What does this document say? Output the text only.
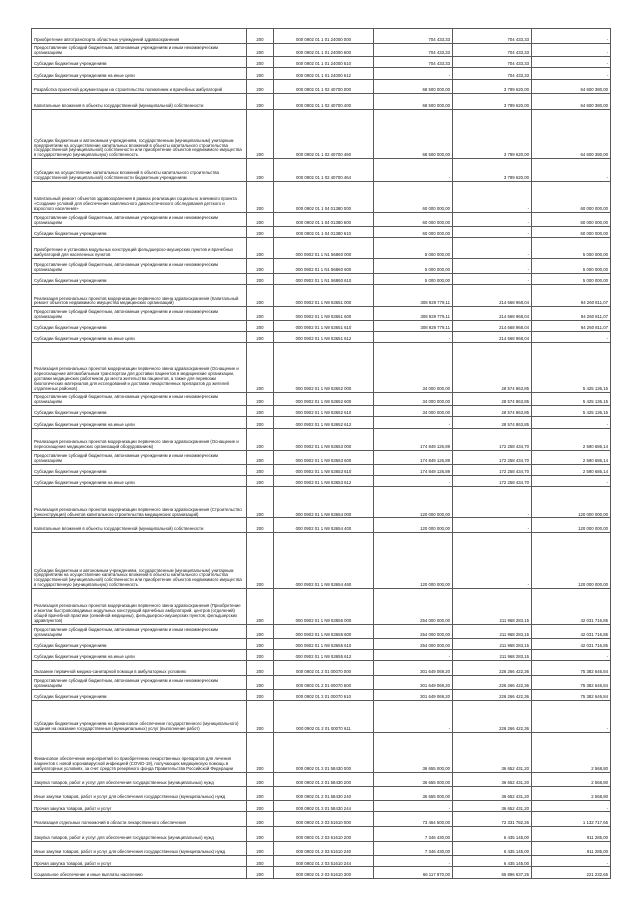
Приобретение автотранспорта областных учреждений здравоохранения	200	000 0902 01 1 01 24000 000	704 433,33	704 433,33	-
Предоставление субсидий бюджетным, автономным учреждениям и иным некоммерческим организациям	200	000 0902 01 1 01 24000 600	704 433,33	704 433,33	-
Субсидии бюджетным учреждениям	200	000 0902 01 1 01 24000 610	704 433,33	704 433,33	-
Субсидии бюджетным учреждениям на иные цели	200	000 0902 01 1 01 24000 612	-	704 433,33	-
Разработка проектной документации на строительство поликлиник и врачебных амбулаторий	200	000 0902 01 1 02 40700 000	68 500 000,00	3 799 620,00	64 600 380,00
Капитальные вложения в объекты государственной (муниципальной) собственности	200	000 0902 01 1 02 40700 400	68 500 000,00	3 799 620,00	64 600 380,00
Субсидии бюджетным и автономным учреждениям, государственным (муниципальным) унитарным предприятиям на осуществление капитальных вложений в объекты капитального строительства государственной (муниципальной) собственности или приобретение объектов недвижимого имущества в государственную (муниципальную) собственность	200	000 0902 01 1 02 40700 460	68 500 000,00	3 799 620,00	64 600 380,00
Субсидии на осуществление капитальных вложений в объекты капитального строительства государственной (муниципальной) собственности бюджетным учреждениям	200	000 0902 01 1 02 40700 464	-	3 799 620,00	-
Капитальный ремонт объектов здравоохранения в рамках реализации социально значимого проекта «Создание условий для обеспечения комплексного диагностического обследования детского и взрослого населения»	200	000 0902 01 1 04 01380 000	60 000 000,00	-	60 000 000,00
Предоставление субсидий бюджетным, автономным учреждениям и иным некоммерческим организациям	200	000 0902 01 1 04 01380 600	60 000 000,00	-	60 000 000,00
Субсидии бюджетным учреждениям	200	000 0902 01 1 04 01380 610	60 000 000,00	-	60 000 000,00
Приобретение и установка модульных конструкций фельдшерско-акушерских пунктов и врачебных амбулаторий для населенных пунктов	200	000 0902 01 1 N1 56860 000	5 000 000,00	-	5 000 000,00
Предоставление субсидий бюджетным, автономным учреждениям и иным некоммерческим организациям	200	000 0902 01 1 N1 56860 600	5 000 000,00	-	5 000 000,00
Субсидии бюджетным учреждениям	200	000 0902 01 1 N1 56860 610	5 000 000,00	-	5 000 000,00
Реализация региональных проектов модернизации первичного звена здравоохранения (Капитальный ремонт объектов недвижимого имущества медицинских организаций)	200	000 0902 01 1 N9 53651 000	308 929 779,11	214 668 968,04	94 260 811,07
Предоставление субсидий бюджетным, автономным учреждениям и иным некоммерческим организациям	200	000 0902 01 1 N9 53651 600	308 929 779,11	214 668 968,04	94 260 811,07
Субсидии бюджетным учреждениям	200	000 0902 01 1 N9 53651 610	308 929 779,11	214 668 968,04	94 260 811,07
Субсидии бюджетным учреждениям на иные цели	200	000 0902 01 1 N9 53651 612	-	214 668 968,04	-
Реализация региональных проектов модернизации первичного звена здравоохранения (Оснащение и переоснащение автомобильным транспортом для доставки пациентов в медицинские организации, доставки медицинских работников до места жительства пациентов, а также для перевозки биологических материалов для исследований и доставки лекарственных препаратов до жителей отдаленных районов)	200	000 0902 01 1 N9 53652 000	34 000 000,00	28 574 863,85	5 425 136,15
Предоставление субсидий бюджетным, автономным учреждениям и иным некоммерческим организациям	200	000 0902 01 1 N9 53652 600	34 000 000,00	28 574 863,85	5 425 136,15
Субсидии бюджетным учреждениям	200	000 0902 01 1 N9 53652 610	34 000 000,00	28 574 863,85	5 425 136,15
Субсидии бюджетным учреждениям на иные цели	200	000 0902 01 1 N9 53652 612	-	28 574 863,85	-
Реализация региональных проектов модернизации первичного звена здравоохранения (Оснащение и переоснащение медицинских организаций оборудованием)	200	000 0902 01 1 N9 53653 000	174 849 126,89	172 258 434,70	2 590 686,14
Предоставление субсидий бюджетным, автономным учреждениям и иным некоммерческим организациям	200	000 0902 01 1 N9 53653 600	174 849 126,89	172 258 434,70	2 590 686,14
Субсидии бюджетным учреждениям	200	000 0902 01 1 N9 53653 610	174 849 126,89	172 258 434,70	2 590 686,14
Субсидии бюджетным учреждениям на иные цели	200	000 0902 01 1 N9 53653 612	-	172 258 434,70	-
Реализация региональных проектов модернизации первичного звена здравоохранения (Строительство (реконструкция) объектов капитального строительства медицинских организаций)	200	000 0902 01 1 N9 53654 000	120 000 000,00	-	120 000 000,00
Капитальные вложения в объекты государственной (муниципальной) собственности	200	000 0902 01 1 N9 53654 400	120 000 000,00	-	120 000 000,00
Субсидии бюджетным и автономным учреждениям, государственным (муниципальным) унитарным предприятиям на осуществление капитальных вложений в объекты капитального строительства государственной (муниципальной) собственности или приобретение объектов недвижимого имущества в государственную (муниципальную) собственность	200	000 0902 01 1 N9 53654 460	120 000 000,00	-	120 000 000,00
Реализация региональных проектов модернизации первичного звена здравоохранения (Приобретение и монтаж быстровозводимых модульных конструкций врачебных амбулаторий, центров (отделений) общей врачебной практики (семейной медицины), фельдшерско-акушерских пунктов, фельдшерских здравпунктов)	200	000 0902 01 1 N9 53655 000	254 000 000,00	211 968 283,15	42 031 716,85
Предоставление субсидий бюджетным, автономным учреждениям и иным некоммерческим организациям	200	000 0902 01 1 N9 53655 600	254 000 000,00	211 968 283,15	42 031 716,85
Субсидии бюджетным учреждениям	200	000 0902 01 1 N9 53655 610	254 000 000,00	211 968 283,15	42 031 716,85
Субсидии бюджетным учреждениям на иные цели	200	000 0902 01 1 N9 53655 612	-	211 968 283,15	-
Оказание первичной медико-санитарной помощи в амбулаторных условиях	200	000 0902 01 2 01 00070 000	301 649 069,20	226 266 422,36	75 382 646,84
Предоставление субсидий бюджетным, автономным учреждениям и иным некоммерческим организациям	200	000 0902 01 2 01 00070 600	301 649 069,20	226 266 422,36	75 382 646,84
Субсидии бюджетным учреждениям	200	000 0902 01 2 01 00070 610	301 649 069,20	226 266 422,36	75 382 646,84
Субсидии бюджетным учреждениям на финансовое обеспечение государственного (муниципального) задания на оказание государственных (муниципальных) услуг (выполнение работ)	200	000 0902 01 2 01 00070 611	-	226 266 422,36	-
Финансовое обеспечение мероприятий по приобретению лекарственных препаратов для лечения пациентов с новой коронавирусной инфекцией (COVID-19), получающих медицинскую помощь в амбулаторных условиях, за счет средств резервного фонда Правительства Российской Федерации	200	000 0902 01 2 01 58430 000	36 655 000,00	36 652 431,20	2 568,80
Закупка товаров, работ и услуг для обеспечения государственных (муниципальных) нужд	200	000 0902 01 2 01 58430 200	36 655 000,00	36 652 431,20	2 568,80
Иные закупки товаров, работ и услуг для обеспечения государственных (муниципальных) нужд	200	000 0902 01 2 01 58430 240	36 655 000,00	36 652 431,20	2 568,80
Прочая закупка товаров, работ и услуг	200	000 0902 01 2 01 58430 244	-	36 652 431,20	-
Реализация отдельных полномочий в области лекарственного обеспечения	200	000 0902 01 2 03 51610 000	73 464 500,00	72 331 782,26	1 132 717,65
Закупка товаров, работ и услуг для обеспечения государственных (муниципальных) нужд	200	000 0902 01 2 03 51610 200	7 346 430,00	6 435 145,00	911 285,00
Иные закупки товаров, работ и услуг для обеспечения государственных (муниципальных) нужд	200	000 0902 01 2 03 51610 240	7 346 430,00	6 435 145,00	911 285,00
Прочая закупка товаров, работ и услуг	200	000 0902 01 2 03 51610 244	-	6 435 145,00	-
Социальное обеспечение и иные выплаты населению	200	000 0902 01 2 03 51610 300	66 117 870,00	65 896 637,26	221 232,65
